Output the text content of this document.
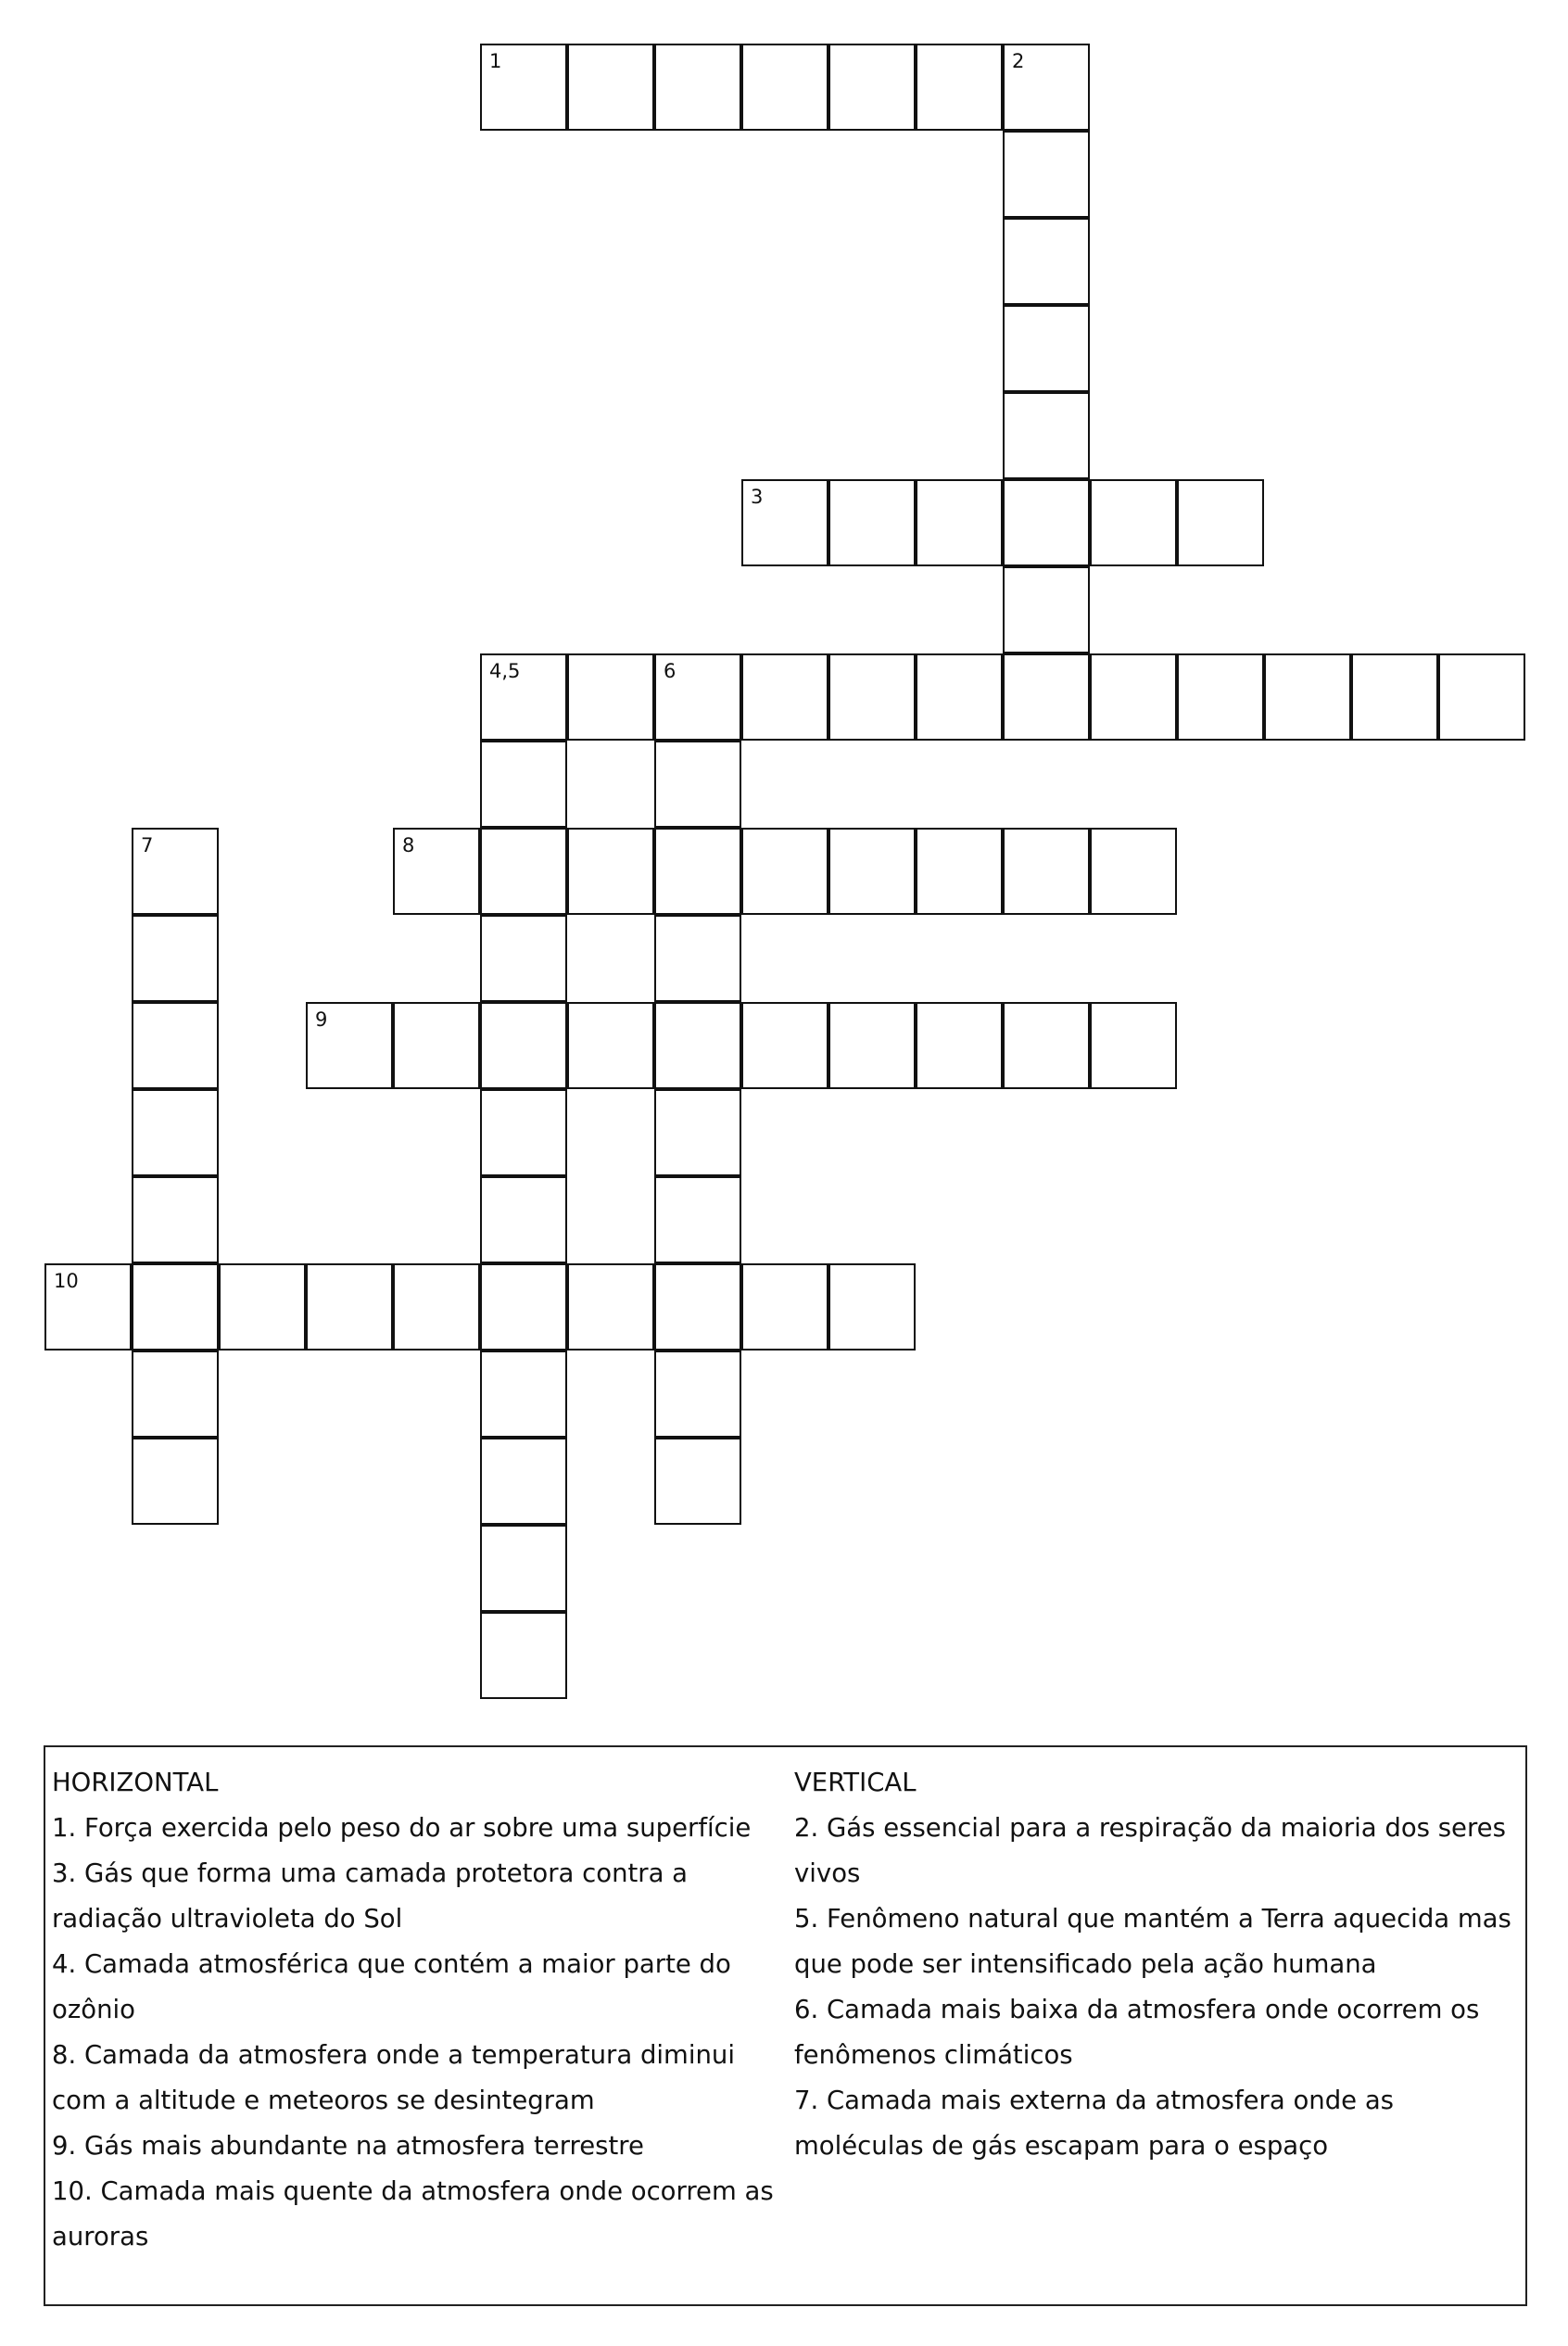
1	2
3
4,5	6
7	8
9
10

HORIZONTAL

1. Força exercida pelo peso do ar sobre uma superfície

3. Gás que forma uma camada protetora contra a radiação ultravioleta do Sol

4. Camada atmosférica que contém a maior parte do ozônio

8. Camada da atmosfera onde a temperatura diminui com a altitude e meteoros se desintegram

9. Gás mais abundante na atmosfera terrestre

10. Camada mais quente da atmosfera onde ocorrem as auroras

VERTICAL

2. Gás essencial para a respiração da maioria dos seres vivos

5. Fenômeno natural que mantém a Terra aquecida mas que pode ser intensificado pela ação humana

6. Camada mais baixa da atmosfera onde ocorrem os fenômenos climáticos

7. Camada mais externa da atmosfera onde as moléculas de gás escapam para o espaço
